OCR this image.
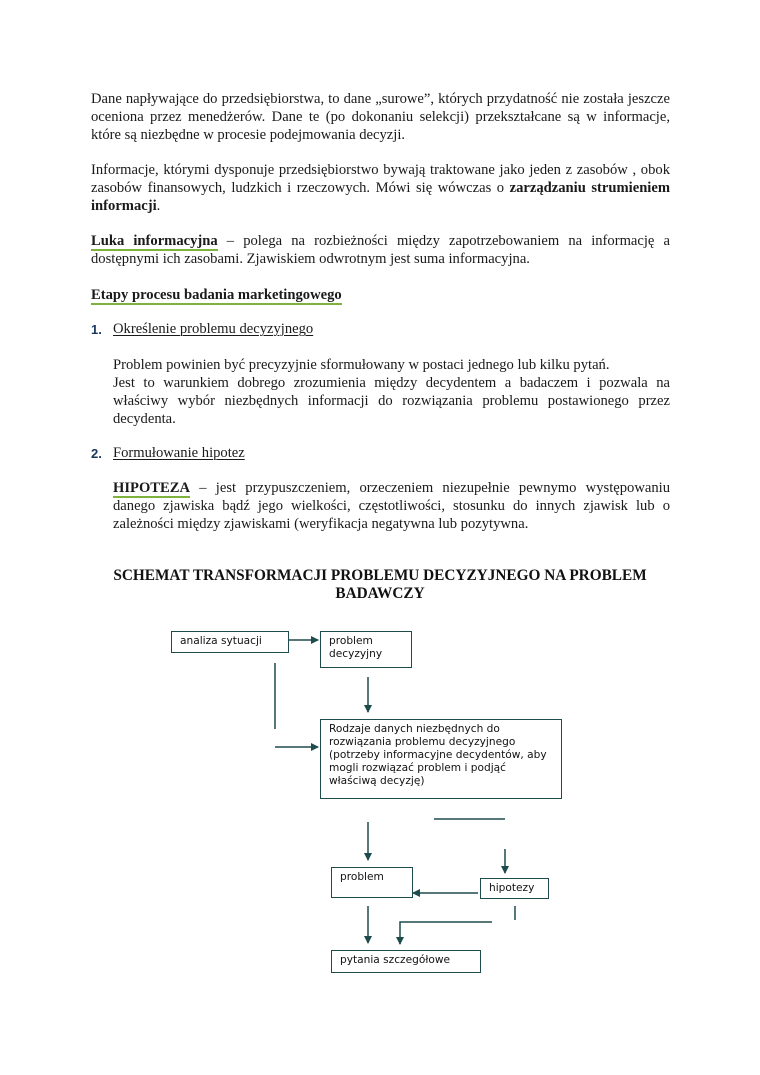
Dane napływające do przedsiębiorstwa, to dane „surowe”, których przydatność nie została jeszcze oceniona przez menedżerów. Dane te (po dokonaniu selekcji) przekształcane są w informacje, które są niezbędne w procesie podejmowania decyzji.

Informacje, którymi dysponuje przedsiębiorstwo bywają traktowane jako jeden z zasobów , obok zasobów finansowych, ludzkich i rzeczowych. Mówi się wówczas o zarządzaniu strumieniem informacji.

Luka informacyjna – polega na rozbieżności między zapotrzebowaniem na informację a dostępnymi ich zasobami. Zjawiskiem odwrotnym jest suma informacyjna.

Etapy procesu badania marketingowego

1. Określenie problemu decyzyjnego

Problem powinien być precyzyjnie sformułowany w postaci jednego lub kilku pytań.

Jest to warunkiem dobrego zrozumienia między decydentem a badaczem i pozwala na właściwy wybór niezbędnych informacji do rozwiązania problemu postawionego przez decydenta.

2. Formułowanie hipotez

HIPOTEZA – jest przypuszczeniem, orzeczeniem niezupełnie pewnymo występowaniu danego zjawiska bądź jego wielkości, częstotliwości, stosunku do innych zjawisk lub o zależności między zjawiskami (weryfikacja negatywna lub pozytywna.

SCHEMAT TRANSFORMACJI PROBLEMU DECYZYJNEGO NA PROBLEM BADAWCZY
analiza sytuacji	problem decyzyjny
Rodzaje danych niezbędnych do rozwiązania problemu decyzyjnego (potrzeby informacyjne decydentów, aby mogli rozwiązać problem i podjąć właściwą decyzję)
problem
hipotezy
pytania szczegółowe
